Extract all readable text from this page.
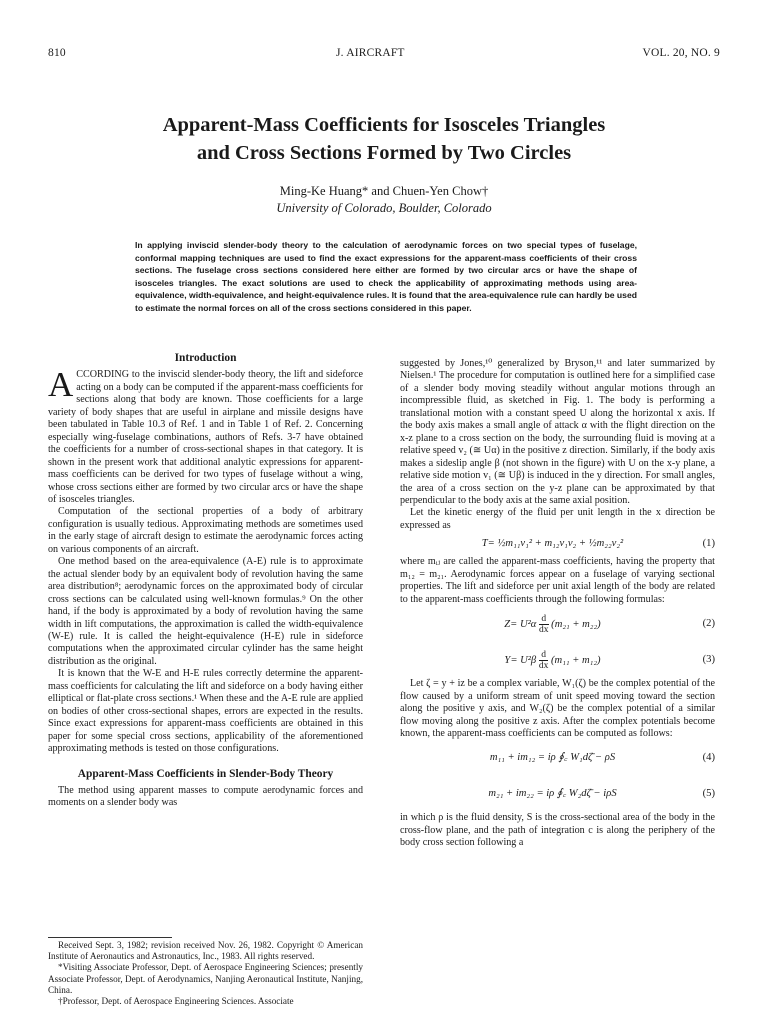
810	J. AIRCRAFT	VOL. 20, NO. 9
Apparent-Mass Coefficients for Isosceles Triangles
and Cross Sections Formed by Two Circles
Ming-Ke Huang* and Chuen-Yen Chow†
University of Colorado, Boulder, Colorado
In applying inviscid slender-body theory to the calculation of aerodynamic forces on two special types of fuselage, conformal mapping techniques are used to find the exact expressions for the apparent-mass coefficients of their cross sections. The fuselage cross sections considered here either are formed by two circular arcs or have the shape of isosceles triangles. The exact solutions are used to check the applicability of approximating methods using area-equivalence, width-equivalence, and height-equivalence rules. It is found that the area-equivalence rule can hardly be used to estimate the normal forces on all of the cross sections considered in this paper.
Introduction

ACCORDING to the inviscid slender-body theory, the lift and sideforce acting on a body can be computed if the apparent-mass coefficients for sections along that body are known. Those coefficients for a large variety of body shapes that are useful in airplane and missile designs have been tabulated in Table 10.3 of Ref. 1 and in Table 1 of Ref. 2. Concerning especially wing-fuselage combinations, authors of Refs. 3-7 have obtained the coefficients for a number of cross-sectional shapes in that category. It is shown in the present work that additional analytic expressions for apparent-mass coefficients can be derived for two types of fuselage without a wing, whose cross sections either are formed by two circular arcs or have the shape of isosceles triangles.

Computation of the sectional properties of a body of arbitrary configuration is usually tedious. Approximating methods are sometimes used in the early stage of aircraft design to estimate the aerodynamic forces acting on various components of an aircraft.

One method based on the area-equivalence (A-E) rule is to approximate the actual slender body by an equivalent body of revolution having the same area distribution⁸; aerodynamic forces on the approximated body of circular cross sections can be calculated using well-known formulas.⁹ On the other hand, if the body is approximated by a body of revolution having the same width in lift computations, the approximation is called the width-equivalence (W-E) rule. It is called the height-equivalence (H-E) rule in sideforce computations when the approximated circular cylinder has the same height distribution as the original.

It is known that the W-E and H-E rules correctly determine the apparent-mass coefficients for calculating the lift and sideforce on a body having either elliptical or flat-plate cross sections.¹ When these and the A-E rule are applied on bodies of other cross-sectional shapes, errors are expected in the results. Since exact expressions for apparent-mass coefficients are obtained in this paper for some special cross sections, applicability of the aforementioned approximating methods is tested on those configurations.

Apparent-Mass Coefficients in Slender-Body Theory

The method using apparent masses to compute aerodynamic forces and moments on a slender body was

Received Sept. 3, 1982; revision received Nov. 26, 1982. Copyright © American Institute of Aeronautics and Astronautics, Inc., 1983. All rights reserved.

*Visiting Associate Professor, Dept. of Aerospace Engineering Sciences; presently Associate Professor, Dept. of Aerodynamics, Nanjing Aeronautical Institute, Nanjing, China.

†Professor, Dept. of Aerospace Engineering Sciences. Associate

suggested by Jones,¹⁰ generalized by Bryson,¹¹ and later summarized by Nielsen.¹ The procedure for computation is outlined here for a simplified case of a slender body moving steadily without angular motions through an incompressible fluid, as sketched in Fig. 1. The body is performing a translational motion with a constant speed U along the horizontal x axis. If the body axis makes a small angle of attack α with the flight direction on the x-z plane to a cross section on the body, the surrounding fluid is moving at a relative speed v₂ (≅ Uα) in the positive z direction. Similarly, if the body axis makes a sideslip angle β (not shown in the figure) with U on the x-y plane, a relative side motion v₁ (≅ Uβ) is induced in the y direction. For small angles, the area of a cross section on the y-z plane can be approximated by that perpendicular to the body axis at the same axial position.

Let the kinetic energy of the fluid per unit length in the x direction be expressed as

T= ½m₁₁v₁² + m₁₂v₁v₂ + ½m₂₂v₂²	(1)

where mᵢⱼ are called the apparent-mass coefficients, having the property that m₁₂ = m₂₁. Aerodynamic forces appear on a fuselage of varying sectional properties. The lift and sideforce per unit axial length of the body are related to the apparent-mass coefficients through the following formulas:

$Z= U^2\alpha \frac{d}{dx} (m_{21} + m_{22})$	(2)
$Y= U^2\beta \frac{d}{dx} (m_{11} + m_{12})$	(3)

Let ζ = y + iz be a complex variable, W₁(ζ) be the complex potential of the flow caused by a uniform stream of unit speed moving toward the section along the positive y axis, and W₂(ζ) be the complex potential of a similar flow moving along the positive z axis. After the complex potentials become known, the apparent-mass coefficients can be computed as follows:

m₁₁ + im₁₂ = iρ ∮꜀ W₁dζ̄ − ρS	(4)
m₂₁ + im₂₂ = iρ ∮꜀ W₂dζ̄ − iρS	(5)

in which ρ is the fluid density, S is the cross-sectional area of the body in the cross-flow plane, and the path of integration c is along the periphery of the body cross section following a
